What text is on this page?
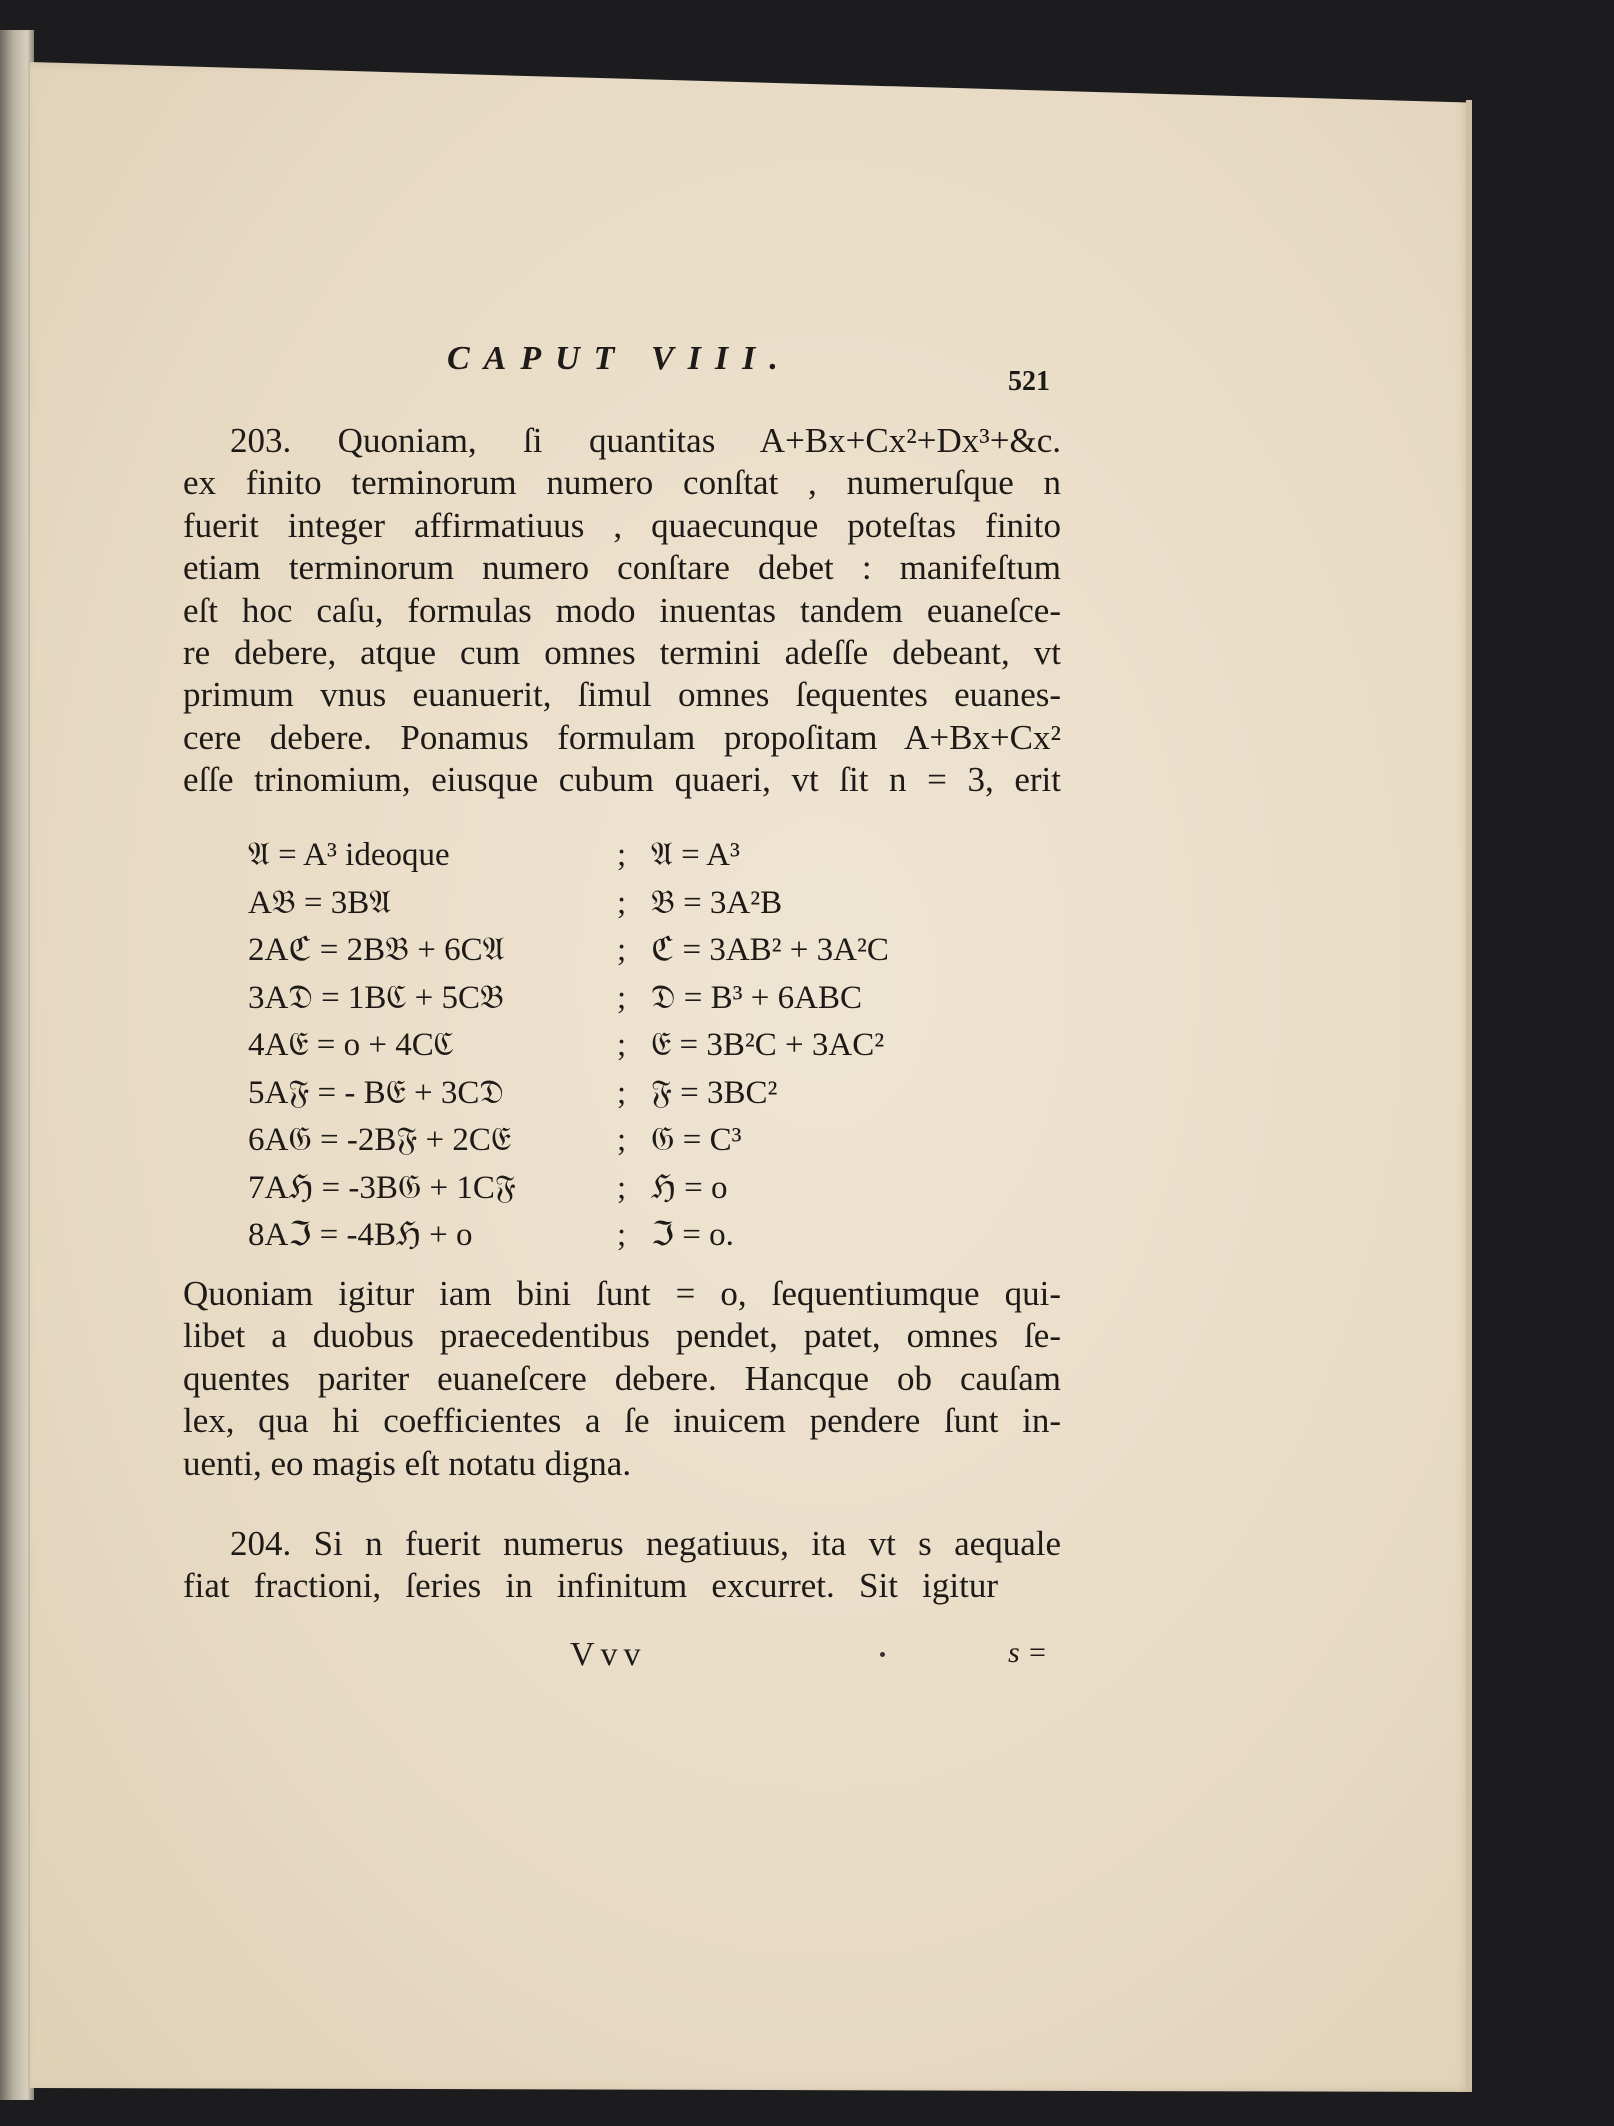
CAPUT VIII.
521
203. Quoniam, ſi quantitas A+Bx+Cx²+Dx³+&c.
ex finito terminorum numero conſtat , numeruſque n
fuerit integer affirmatiuus , quaecunque poteſtas finito
etiam terminorum numero conſtare debet : manifeſtum
eſt hoc caſu, formulas modo inuentas tandem euaneſce-
re debere, atque cum omnes termini adeſſe debeant, vt
primum vnus euanuerit, ſimul omnes ſequentes euanes-
cere debere. Ponamus formulam propoſitam A+Bx+Cx²
eſſe trinomium, eiusque cubum quaeri, vt ſit n = 3, erit
𝔄 = A³ ideoque	; 𝔄 = A³
A𝔅 = 3B𝔄	; 𝔅 = 3A²B
2Aℭ = 2B𝔅 + 6C𝔄	; ℭ = 3AB² + 3A²C
3A𝔇 = 1Bℭ + 5C𝔅	; 𝔇 = B³ + 6ABC
4A𝔈 = o + 4Cℭ	; 𝔈 = 3B²C + 3AC²
5A𝔉 = - B𝔈 + 3C𝔇	; 𝔉 = 3BC²
6A𝔊 = -2B𝔉 + 2C𝔈	; 𝔊 = C³
7Aℌ = -3B𝔊 + 1C𝔉	; ℌ = o
8Aℑ = -4Bℌ + o	; ℑ = o.
Quoniam igitur iam bini ſunt = o, ſequentiumque qui-
libet a duobus praecedentibus pendet, patet, omnes ſe-
quentes pariter euaneſcere debere. Hancque ob cauſam
lex, qua hi coefficientes a ſe inuicem pendere ſunt in-
uenti, eo magis eſt notatu digna.
204. Si n fuerit numerus negatiuus, ita vt s aequale
fiat fractioni, ſeries in infinitum excurret. Sit igitur
Vvv	s =
